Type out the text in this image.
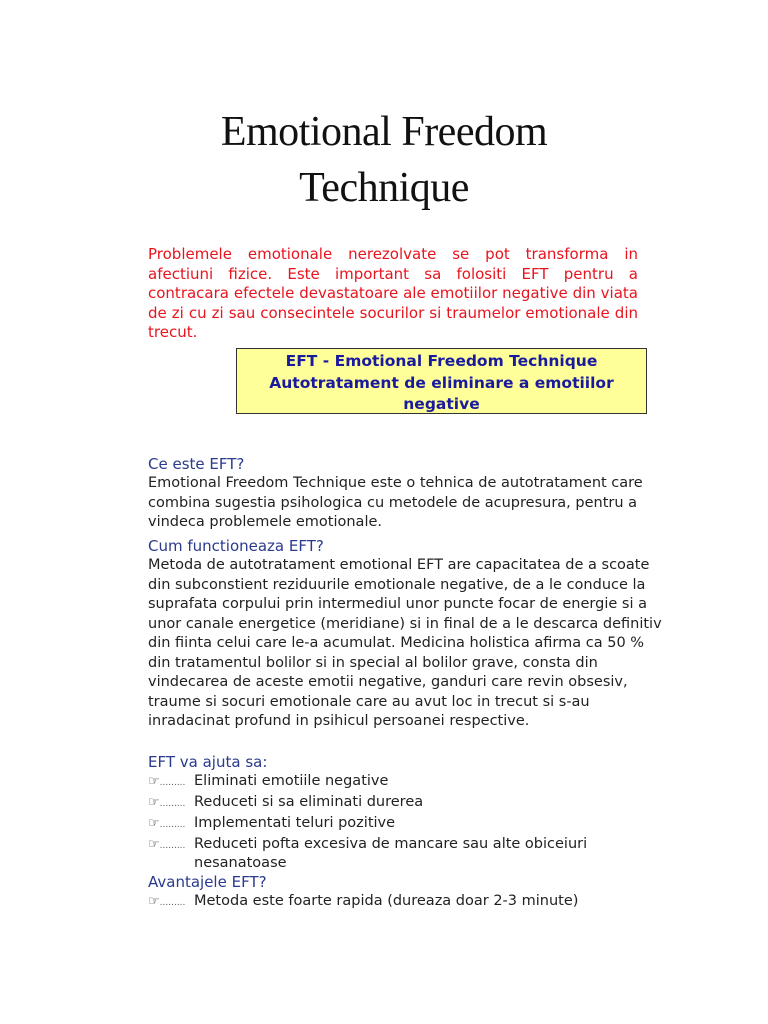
Emotional Freedom
Technique
Problemele emotionale nerezolvate se pot transforma in afectiuni fizice. Este important sa folositi EFT pentru a contracara efectele devastatoare ale emotiilor negative din viata de zi cu zi sau consecintele socurilor si traumelor emotionale din trecut.
EFT - Emotional Freedom Technique
Autotratament de eliminare a emotiilor
negative
Ce este EFT?
Emotional Freedom Technique este o tehnica de autotratament care combina sugestia psihologica cu metodele de acupresura, pentru a vindeca problemele emotionale.
Cum functioneaza EFT?
Metoda de autotratament emotional EFT are capacitatea de a scoate din subconstient reziduurile emotionale negative, de a le conduce la suprafata corpului prin intermediul unor puncte focar de energie si a unor canale energetice (meridiane) si in final de a le descarca definitiv din fiinta celui care le-a acumulat. Medicina holistica afirma ca 50 % din tratamentul bolilor si in special al bolilor grave, consta din vindecarea de aceste emotii negative, ganduri care revin obsesiv, traume si socuri emotionale care au avut loc in trecut si s-au inradacinat profund in psihicul persoanei respective.
EFT va ajuta sa:
☞......... Eliminati emotiile negative
☞......... Reduceti si sa eliminati durerea
☞......... Implementati teluri pozitive
☞......... Reduceti pofta excesiva de mancare sau alte obiceiuri nesanatoase
Avantajele EFT?
☞......... Metoda este foarte rapida (dureaza doar 2-3 minute)
